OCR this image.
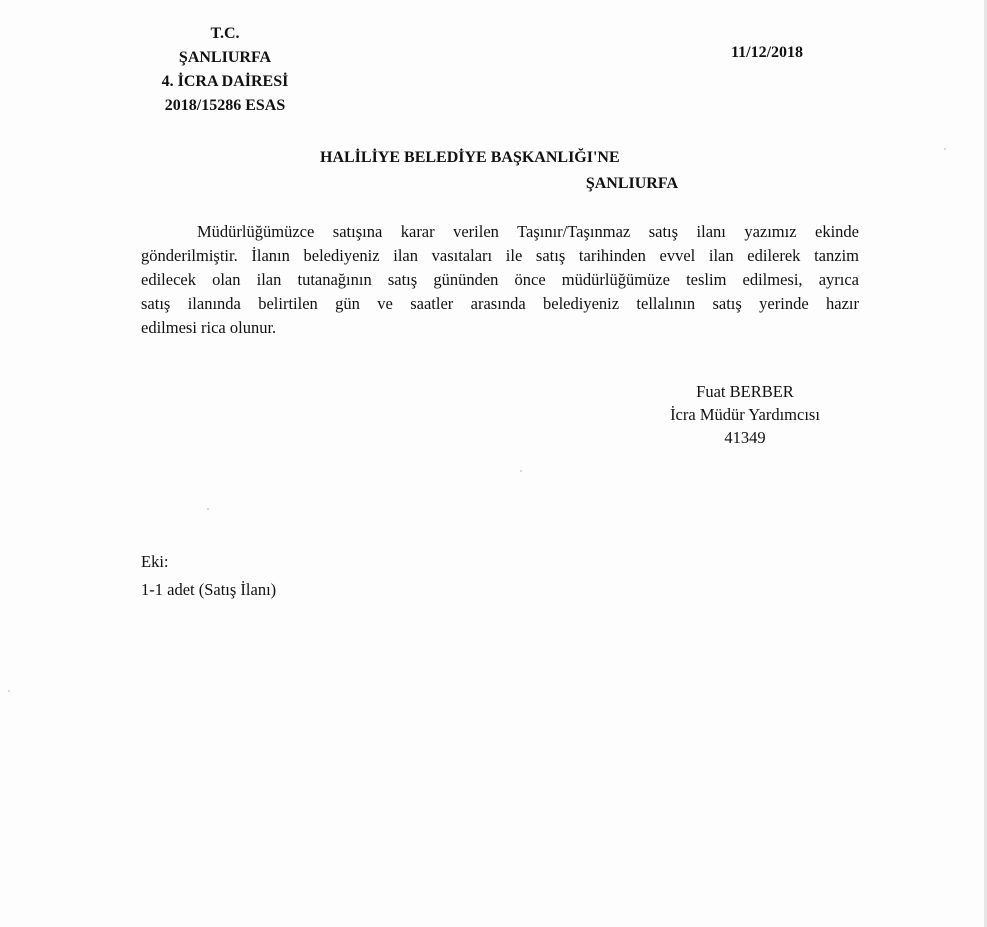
T.C.
ŞANLIURFA
4. İCRA DAİRESİ
2018/15286 ESAS
11/12/2018
HALİLİYE BELEDİYE BAŞKANLIĞI'NE
ŞANLIURFA
Müdürlüğümüzce satışına karar verilen Taşınır/Taşınmaz satış ilanı yazımız ekinde
gönderilmiştir. İlanın belediyeniz ilan vasıtaları ile satış tarihinden evvel ilan edilerek tanzim
edilecek olan ilan tutanağının satış gününden önce müdürlüğümüze teslim edilmesi, ayrıca
satış ilanında belirtilen gün ve saatler arasında belediyeniz tellalının satış yerinde hazır
edilmesi rica olunur.
Fuat BERBER
İcra Müdür Yardımcısı
41349
Eki:
1-1 adet (Satış İlanı)
